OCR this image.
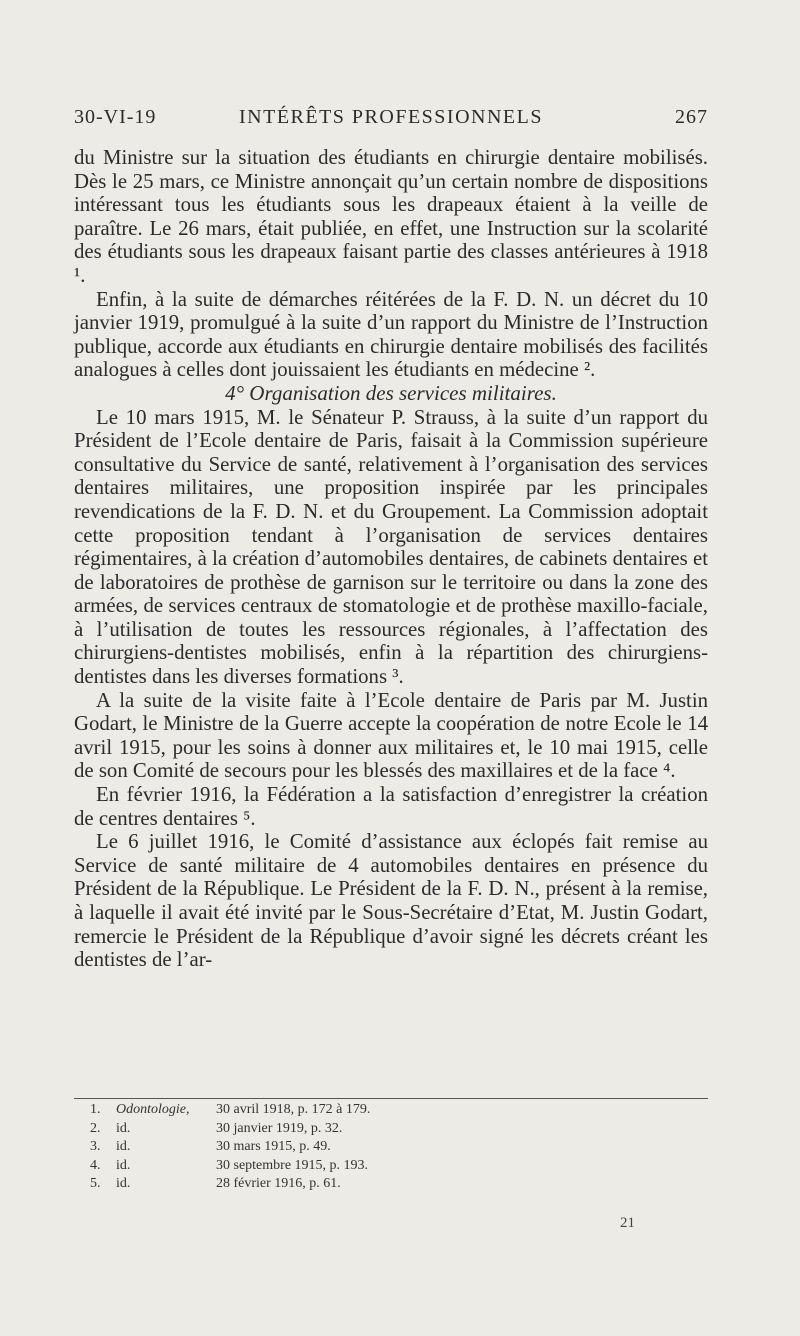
30-VI-19	INTÉRÊTS PROFESSIONNELS	267

du Ministre sur la situation des étudiants en chirurgie dentaire mobilisés. Dès le 25 mars, ce Ministre annonçait qu’un certain nombre de dispositions intéressant tous les étudiants sous les drapeaux étaient à la veille de paraître. Le 26 mars, était publiée, en effet, une Instruction sur la scolarité des étudiants sous les drapeaux faisant partie des classes antérieures à 1918 ¹.

Enfin, à la suite de démarches réitérées de la F. D. N. un décret du 10 janvier 1919, promulgué à la suite d’un rapport du Ministre de l’Instruction publique, accorde aux étudiants en chirurgie dentaire mobilisés des facilités analogues à celles dont jouissaient les étudiants en médecine ².

4° Organisation des services militaires.

Le 10 mars 1915, M. le Sénateur P. Strauss, à la suite d’un rapport du Président de l’Ecole dentaire de Paris, faisait à la Commission supérieure consultative du Service de santé, relativement à l’organisation des services dentaires militaires, une proposition inspirée par les principales revendications de la F. D. N. et du Groupement. La Commission adoptait cette proposition tendant à l’organisation de services dentaires régimentaires, à la création d’automobiles dentaires, de cabinets dentaires et de laboratoires de prothèse de garnison sur le territoire ou dans la zone des armées, de services centraux de stomatologie et de prothèse maxillo-faciale, à l’utilisation de toutes les ressources régionales, à l’affectation des chirurgiens-dentistes mobilisés, enfin à la répartition des chirurgiens-dentistes dans les diverses formations ³.

A la suite de la visite faite à l’Ecole dentaire de Paris par M. Justin Godart, le Ministre de la Guerre accepte la coopération de notre Ecole le 14 avril 1915, pour les soins à donner aux militaires et, le 10 mai 1915, celle de son Comité de secours pour les blessés des maxillaires et de la face ⁴.

En février 1916, la Fédération a la satisfaction d’enregistrer la création de centres dentaires ⁵.

Le 6 juillet 1916, le Comité d’assistance aux éclopés fait remise au Service de santé militaire de 4 automobiles dentaires en présence du Président de la République. Le Président de la F. D. N., présent à la remise, à laquelle il avait été invité par le Sous-Secrétaire d’Etat, M. Justin Godart, remercie le Président de la République d’avoir signé les décrets créant les dentistes de l’ar-

1. Odontologie, 30 avril 1918, p. 172 à 179.
2. id.	30 janvier 1919, p. 32.
3. id.	30 mars 1915, p. 49.
4. id.	30 septembre 1915, p. 193.
5. id.	28 février 1916, p. 61.
21
